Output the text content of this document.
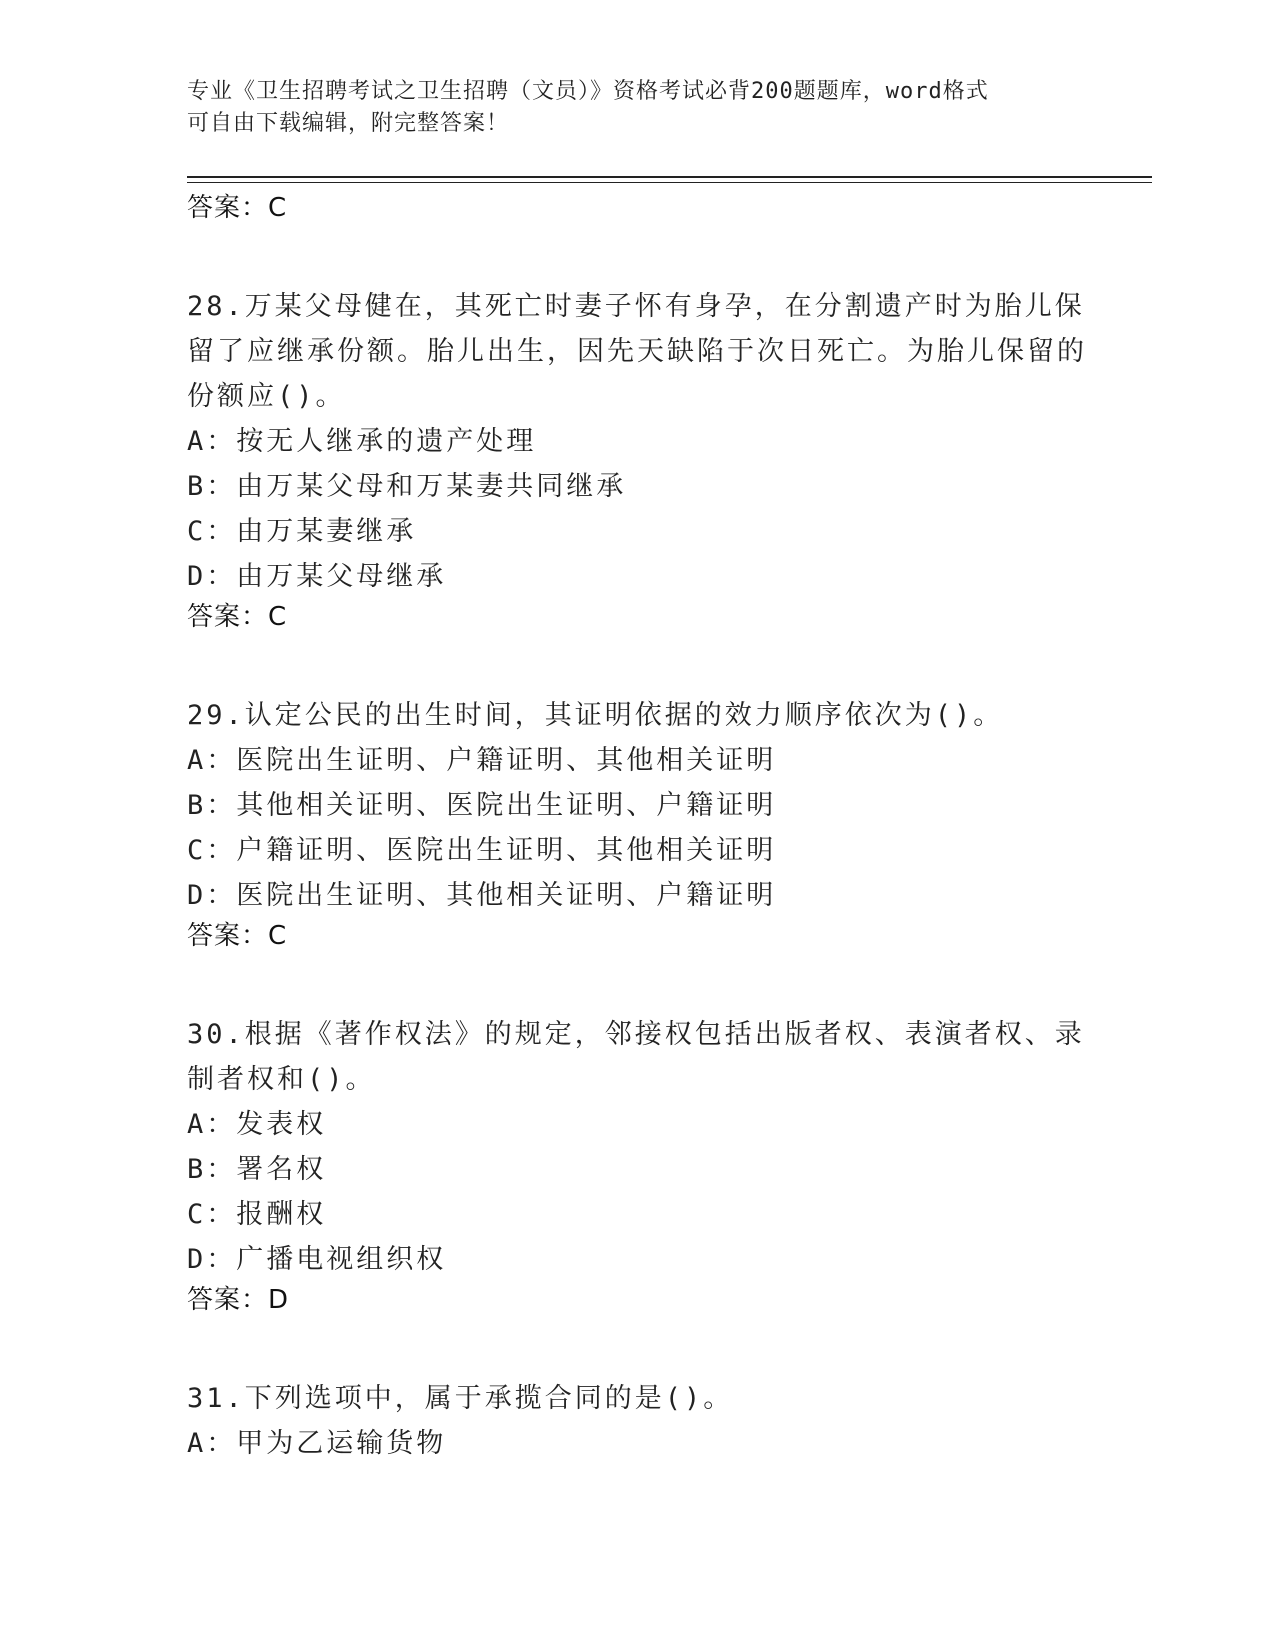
专业《卫生招聘考试之卫生招聘（文员）》资格考试必背200题题库，word格式
可自由下载编辑，附完整答案！
答案：C
28.万某父母健在，其死亡时妻子怀有身孕，在分割遗产时为胎儿保留了应继承份额。胎儿出生，因先天缺陷于次日死亡。为胎儿保留的份额应()。
A：按无人继承的遗产处理
B：由万某父母和万某妻共同继承
C：由万某妻继承
D：由万某父母继承
答案：C
29.认定公民的出生时间，其证明依据的效力顺序依次为()。
A：医院出生证明、户籍证明、其他相关证明
B：其他相关证明、医院出生证明、户籍证明
C：户籍证明、医院出生证明、其他相关证明
D：医院出生证明、其他相关证明、户籍证明
答案：C
30.根据《著作权法》的规定，邻接权包括出版者权、表演者权、录制者权和()。
A：发表权
B：署名权
C：报酬权
D：广播电视组织权
答案：D
31.下列选项中，属于承揽合同的是()。
A：甲为乙运输货物
